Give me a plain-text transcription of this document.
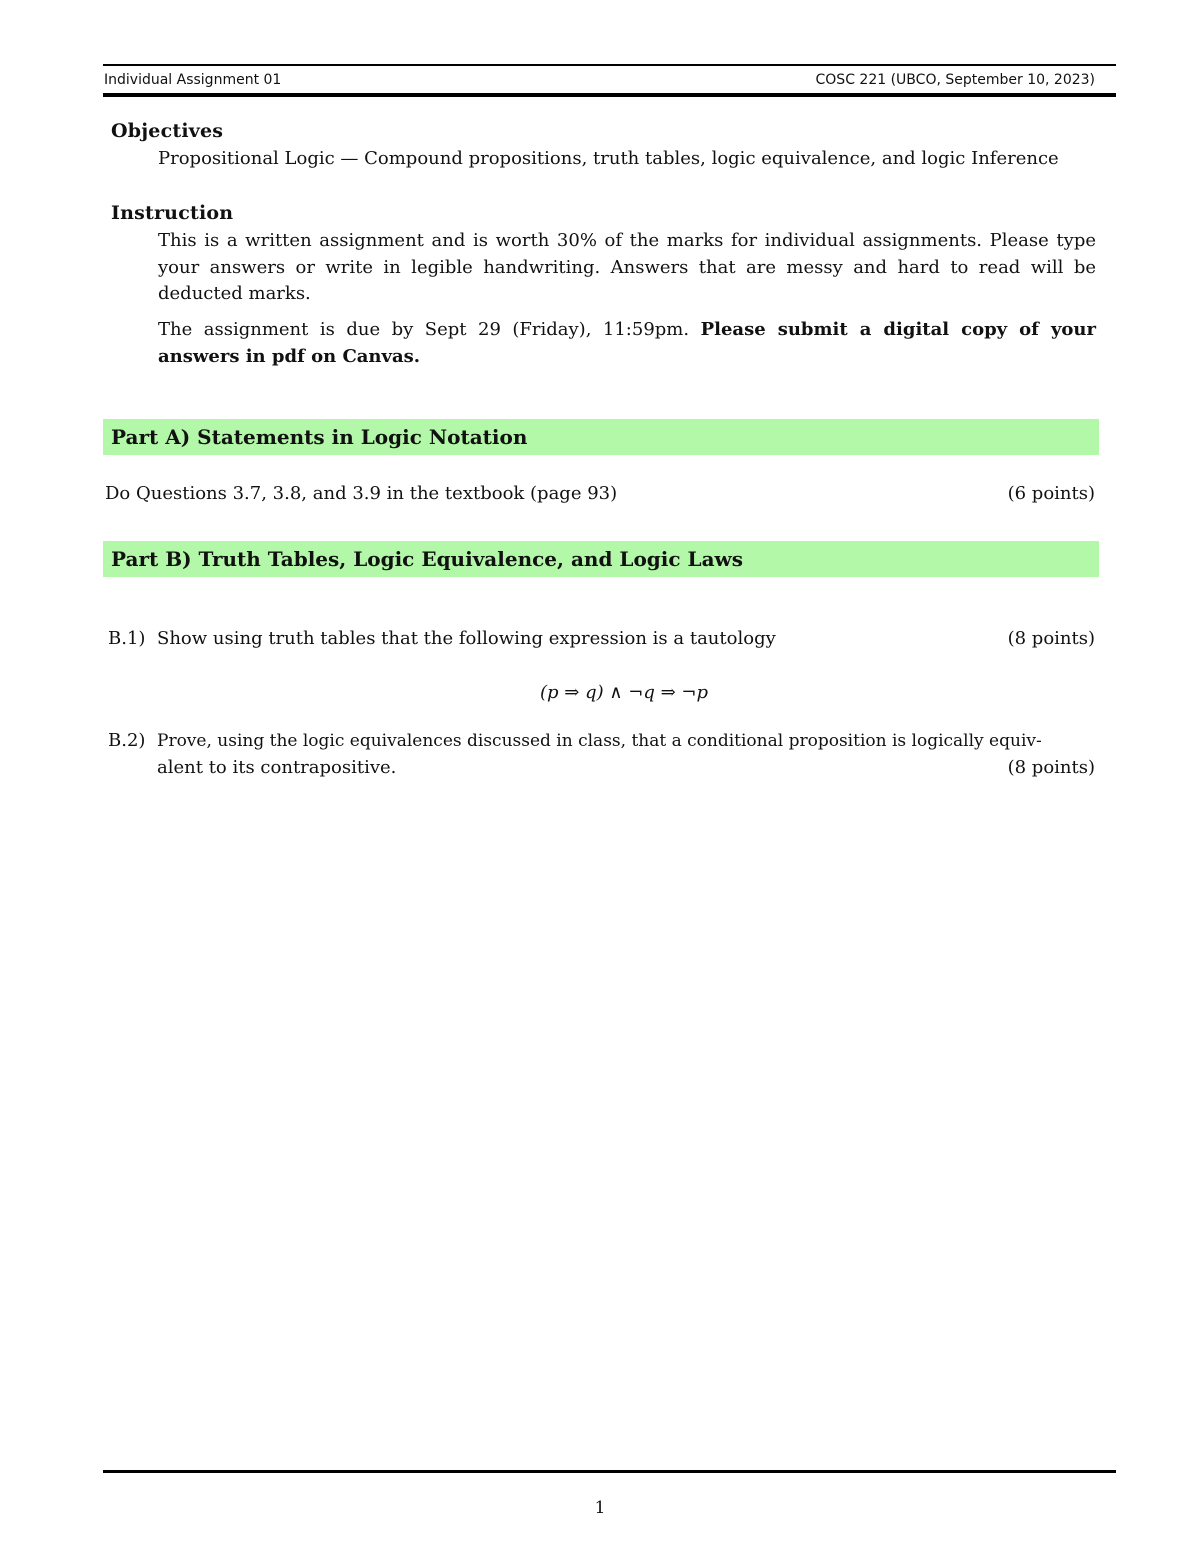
Individual Assignment 01	COSC 221 (UBCO, September 10, 2023)
Objectives
Propositional Logic — Compound propositions, truth tables, logic equivalence, and logic Inference
Instruction
This is a written assignment and is worth 30% of the marks for individual assignments. Please type your answers or write in legible handwriting. Answers that are messy and hard to read will be deducted marks.
The assignment is due by Sept 29 (Friday), 11:59pm. Please submit a digital copy of your answers in pdf on Canvas.
Part A) Statements in Logic Notation
Do Questions 3.7, 3.8, and 3.9 in the textbook (page 93)	(6 points)
Part B) Truth Tables, Logic Equivalence, and Logic Laws
B.1) Show using truth tables that the following expression is a tautology	(8 points)
(p ⇒ q) ∧ ¬q ⇒ ¬p
B.2) Prove, using the logic equivalences discussed in class, that a conditional proposition is logically equiv-
alent to its contrapositive.	(8 points)
1
